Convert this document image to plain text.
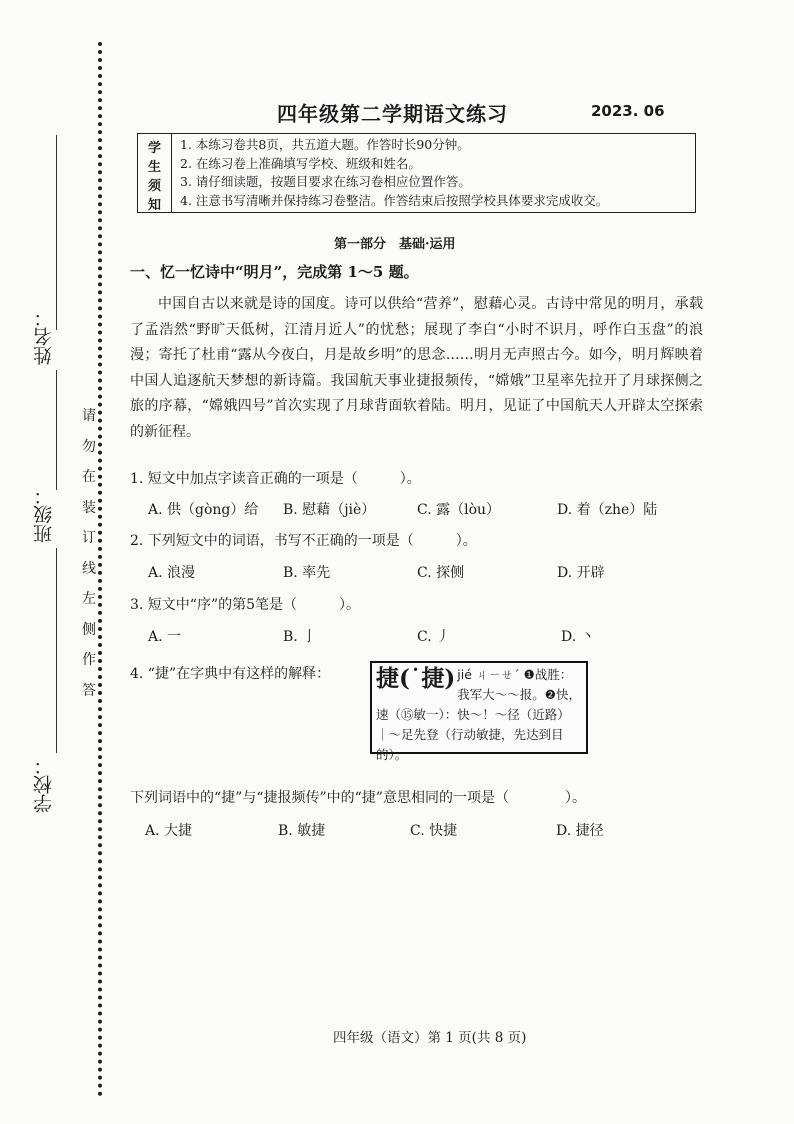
姓名：
班级：
学校：
请
勿
在
装
订
线
左
侧
作
答
四年级第二学期语文练习	2023. 06
学
生
须
知
1. 本练习卷共8页，共五道大题。作答时长90分钟。
2. 在练习卷上准确填写学校、班级和姓名。
3. 请仔细读题，按题目要求在练习卷相应位置作答。
4. 注意书写清晰并保持练习卷整洁。作答结束后按照学校具体要求完成收交。
第一部分　基础·运用
一、忆一忆诗中“明月”，完成第 1～5 题。
中国自古以来就是诗的国度。诗可以供给“营养”，慰藉心灵。古诗中常见的明月，承载了孟浩然“野旷天低树，江清月近人”的忧愁；展现了李白“小时不识月，呼作白玉盘”的浪漫；寄托了杜甫“露从今夜白，月是故乡明”的思念……明月无声照古今。如今，明月辉映着中国人追逐航天梦想的新诗篇。我国航天事业捷报频传，“嫦娥”卫星率先拉开了月球探侧之旅的序幕，“嫦娥四号”首次实现了月球背面软着陆。明月，见证了中国航天人开辟太空探索的新征程。
1. 短文中加点字读音正确的一项是（　　　）。
A. 供（gòng）给 B. 慰藉（jiè）	C. 露（lòu）	D. 着（zhe）陆
2. 下列短文中的词语，书写不正确的一项是（　　　）。
A. 浪漫	B. 率先	C. 探侧	D. 开辟
3. 短文中“序”的第5笔是（　　　）。
A. 一	B. 亅	C. 丿	D. 丶
4. “捷”在字典中有这样的解释： 捷(˙捷) jié ㄐㄧㄝˊ ❶战胜：我军大～～报。❷快，速（⑮敏一）：快～！～径（近路）｜～足先登（行动敏捷，先达到目的）。
下列词语中的“捷”与“捷报频传”中的“捷”意思相同的一项是（　　　　）。
A. 大捷	B. 敏捷	C. 快捷	D. 捷径
四年级（语文）第 1 页(共 8 页)
